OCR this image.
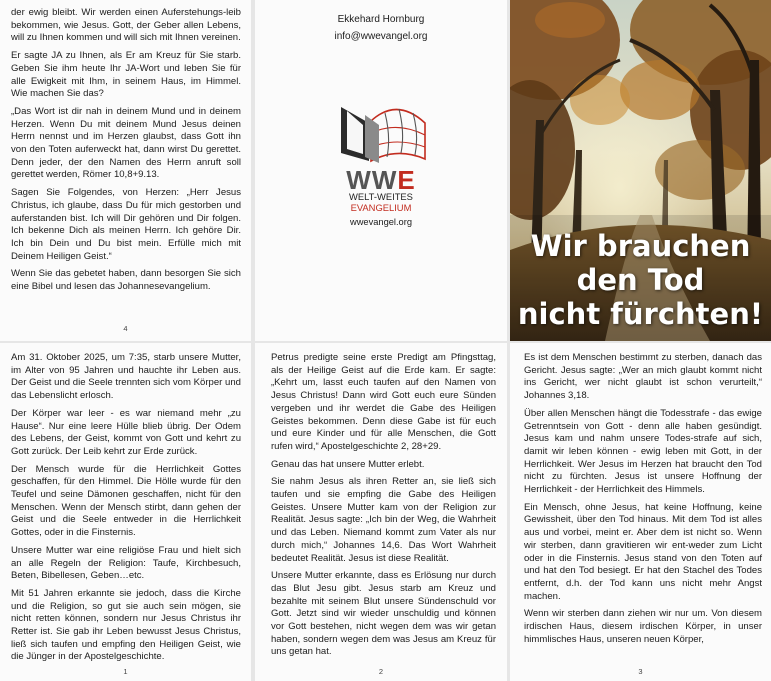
der ewig bleibt. Wir werden einen Auferstehungs-leib bekommen, wie Jesus. Gott, der Geber allen Lebens, will zu Ihnen kommen und will sich mit Ihnen vereinen.

Er sagte JA zu Ihnen, als Er am Kreuz für Sie starb. Geben Sie ihm heute Ihr JA-Wort und leben Sie für alle Ewigkeit mit Ihm, in seinem Haus, im Himmel. Wie machen Sie das?

„Das Wort ist dir nah in deinem Mund und in deinem Herzen. Wenn Du mit deinem Mund Jesus deinen Herrn nennst und im Herzen glaubst, dass Gott ihn von den Toten auferweckt hat, dann wirst Du gerettet. Denn jeder, der den Namen des Herrn anruft soll gerettet werden, Römer 10,8+9.13.

Sagen Sie Folgendes, von Herzen: „Herr Jesus Christus, ich glaube, dass Du für mich gestorben und auferstanden bist. Ich will Dir gehören und Dir folgen. Ich bekenne Dich als meinen Herrn. Ich gehöre Dir. Ich bin Dein und Du bist mein. Erfülle mich mit Deinem Heiligen Geist.“

Wenn Sie das gebetet haben, dann besorgen Sie sich eine Bibel und lesen das Johannesevangelium.

4
Ekkehard Hornburg
info@wwevangel.org
WWE
WELT-WEITES
EVANGELIUM
wwevangel.org
Wir brauchen
den Tod
nicht fürchten!

Am 31. Oktober 2025, um 7:35, starb unsere Mutter, im Alter von 95 Jahren und hauchte ihr Leben aus. Der Geist und die Seele trennten sich vom Körper und das Lebenslicht erlosch.

Der Körper war leer - es war niemand mehr „zu Hause“. Nur eine leere Hülle blieb übrig. Der Odem des Lebens, der Geist, kommt von Gott und kehrt zu Gott zurück. Der Leib kehrt zur Erde zurück.

Der Mensch wurde für die Herrlichkeit Gottes geschaffen, für den Himmel. Die Hölle wurde für den Teufel und seine Dämonen geschaffen, nicht für den Menschen. Wenn der Mensch stirbt, dann gehen der Geist und die Seele entweder in die Herrlichkeit Gottes, oder in die Finsternis.

Unsere Mutter war eine religiöse Frau und hielt sich an alle Regeln der Religion: Taufe, Kirchbesuch, Beten, Bibellesen, Geben…etc.

Mit 51 Jahren erkannte sie jedoch, dass die Kirche und die Religion, so gut sie auch sein mögen, sie nicht retten können, sondern nur Jesus Christus ihr Retter ist. Sie gab ihr Leben bewusst Jesus Christus, ließ sich taufen und empfing den Heiligen Geist, wie die Jünger in der Apostelgeschichte.

1

Petrus predigte seine erste Predigt am Pfingsttag, als der Heilige Geist auf die Erde kam. Er sagte: „Kehrt um, lasst euch taufen auf den Namen von Jesus Christus! Dann wird Gott euch eure Sünden vergeben und ihr werdet die Gabe des Heiligen Geistes bekommen. Denn diese Gabe ist für euch und eure Kinder und für alle Menschen, die Gott rufen wird,“ Apostelgeschichte 2, 28+29.

Genau das hat unsere Mutter erlebt.

Sie nahm Jesus als ihren Retter an, sie ließ sich taufen und sie empfing die Gabe des Heiligen Geistes. Unsere Mutter kam von der Religion zur Realität. Jesus sagte: „Ich bin der Weg, die Wahrheit und das Leben. Niemand kommt zum Vater als nur durch mich,“ Johannes 14,6. Das Wort Wahrheit bedeutet Realität. Jesus ist diese Realität.

Unsere Mutter erkannte, dass es Erlösung nur durch das Blut Jesu gibt. Jesus starb am Kreuz und bezahlte mit seinem Blut unsere Sündenschuld vor Gott. Jetzt sind wir wieder unschuldig und können vor Gott bestehen, nicht wegen dem was wir getan haben, sondern wegen dem was Jesus am Kreuz für uns getan hat.

2

Es ist dem Menschen bestimmt zu sterben, danach das Gericht. Jesus sagte: „Wer an mich glaubt kommt nicht ins Gericht, wer nicht glaubt ist schon verurteilt,“ Johannes 3,18.

Über allen Menschen hängt die Todesstrafe - das ewige Getrenntsein von Gott - denn alle haben gesündigt. Jesus kam und nahm unsere Todes-strafe auf sich, damit wir leben können - ewig leben mit Gott, in der Herrlichkeit. Wer Jesus im Herzen hat braucht den Tod nicht zu fürchten. Jesus ist unsere Hoffnung der Herrlichkeit - der Herrlichkeit des Himmels.

Ein Mensch, ohne Jesus, hat keine Hoffnung, keine Gewissheit, über den Tod hinaus. Mit dem Tod ist alles aus und vorbei, meint er. Aber dem ist nicht so. Wenn wir sterben, dann gravitieren wir ent-weder zum Licht oder in die Finsternis. Jesus stand von den Toten auf und hat den Tod besiegt. Er hat den Stachel des Todes entfernt, d.h. der Tod kann uns nicht mehr Angst machen.

Wenn wir sterben dann ziehen wir nur um. Von diesem irdischen Haus, diesem irdischen Körper, in unser himmlisches Haus, unseren neuen Körper,

3
